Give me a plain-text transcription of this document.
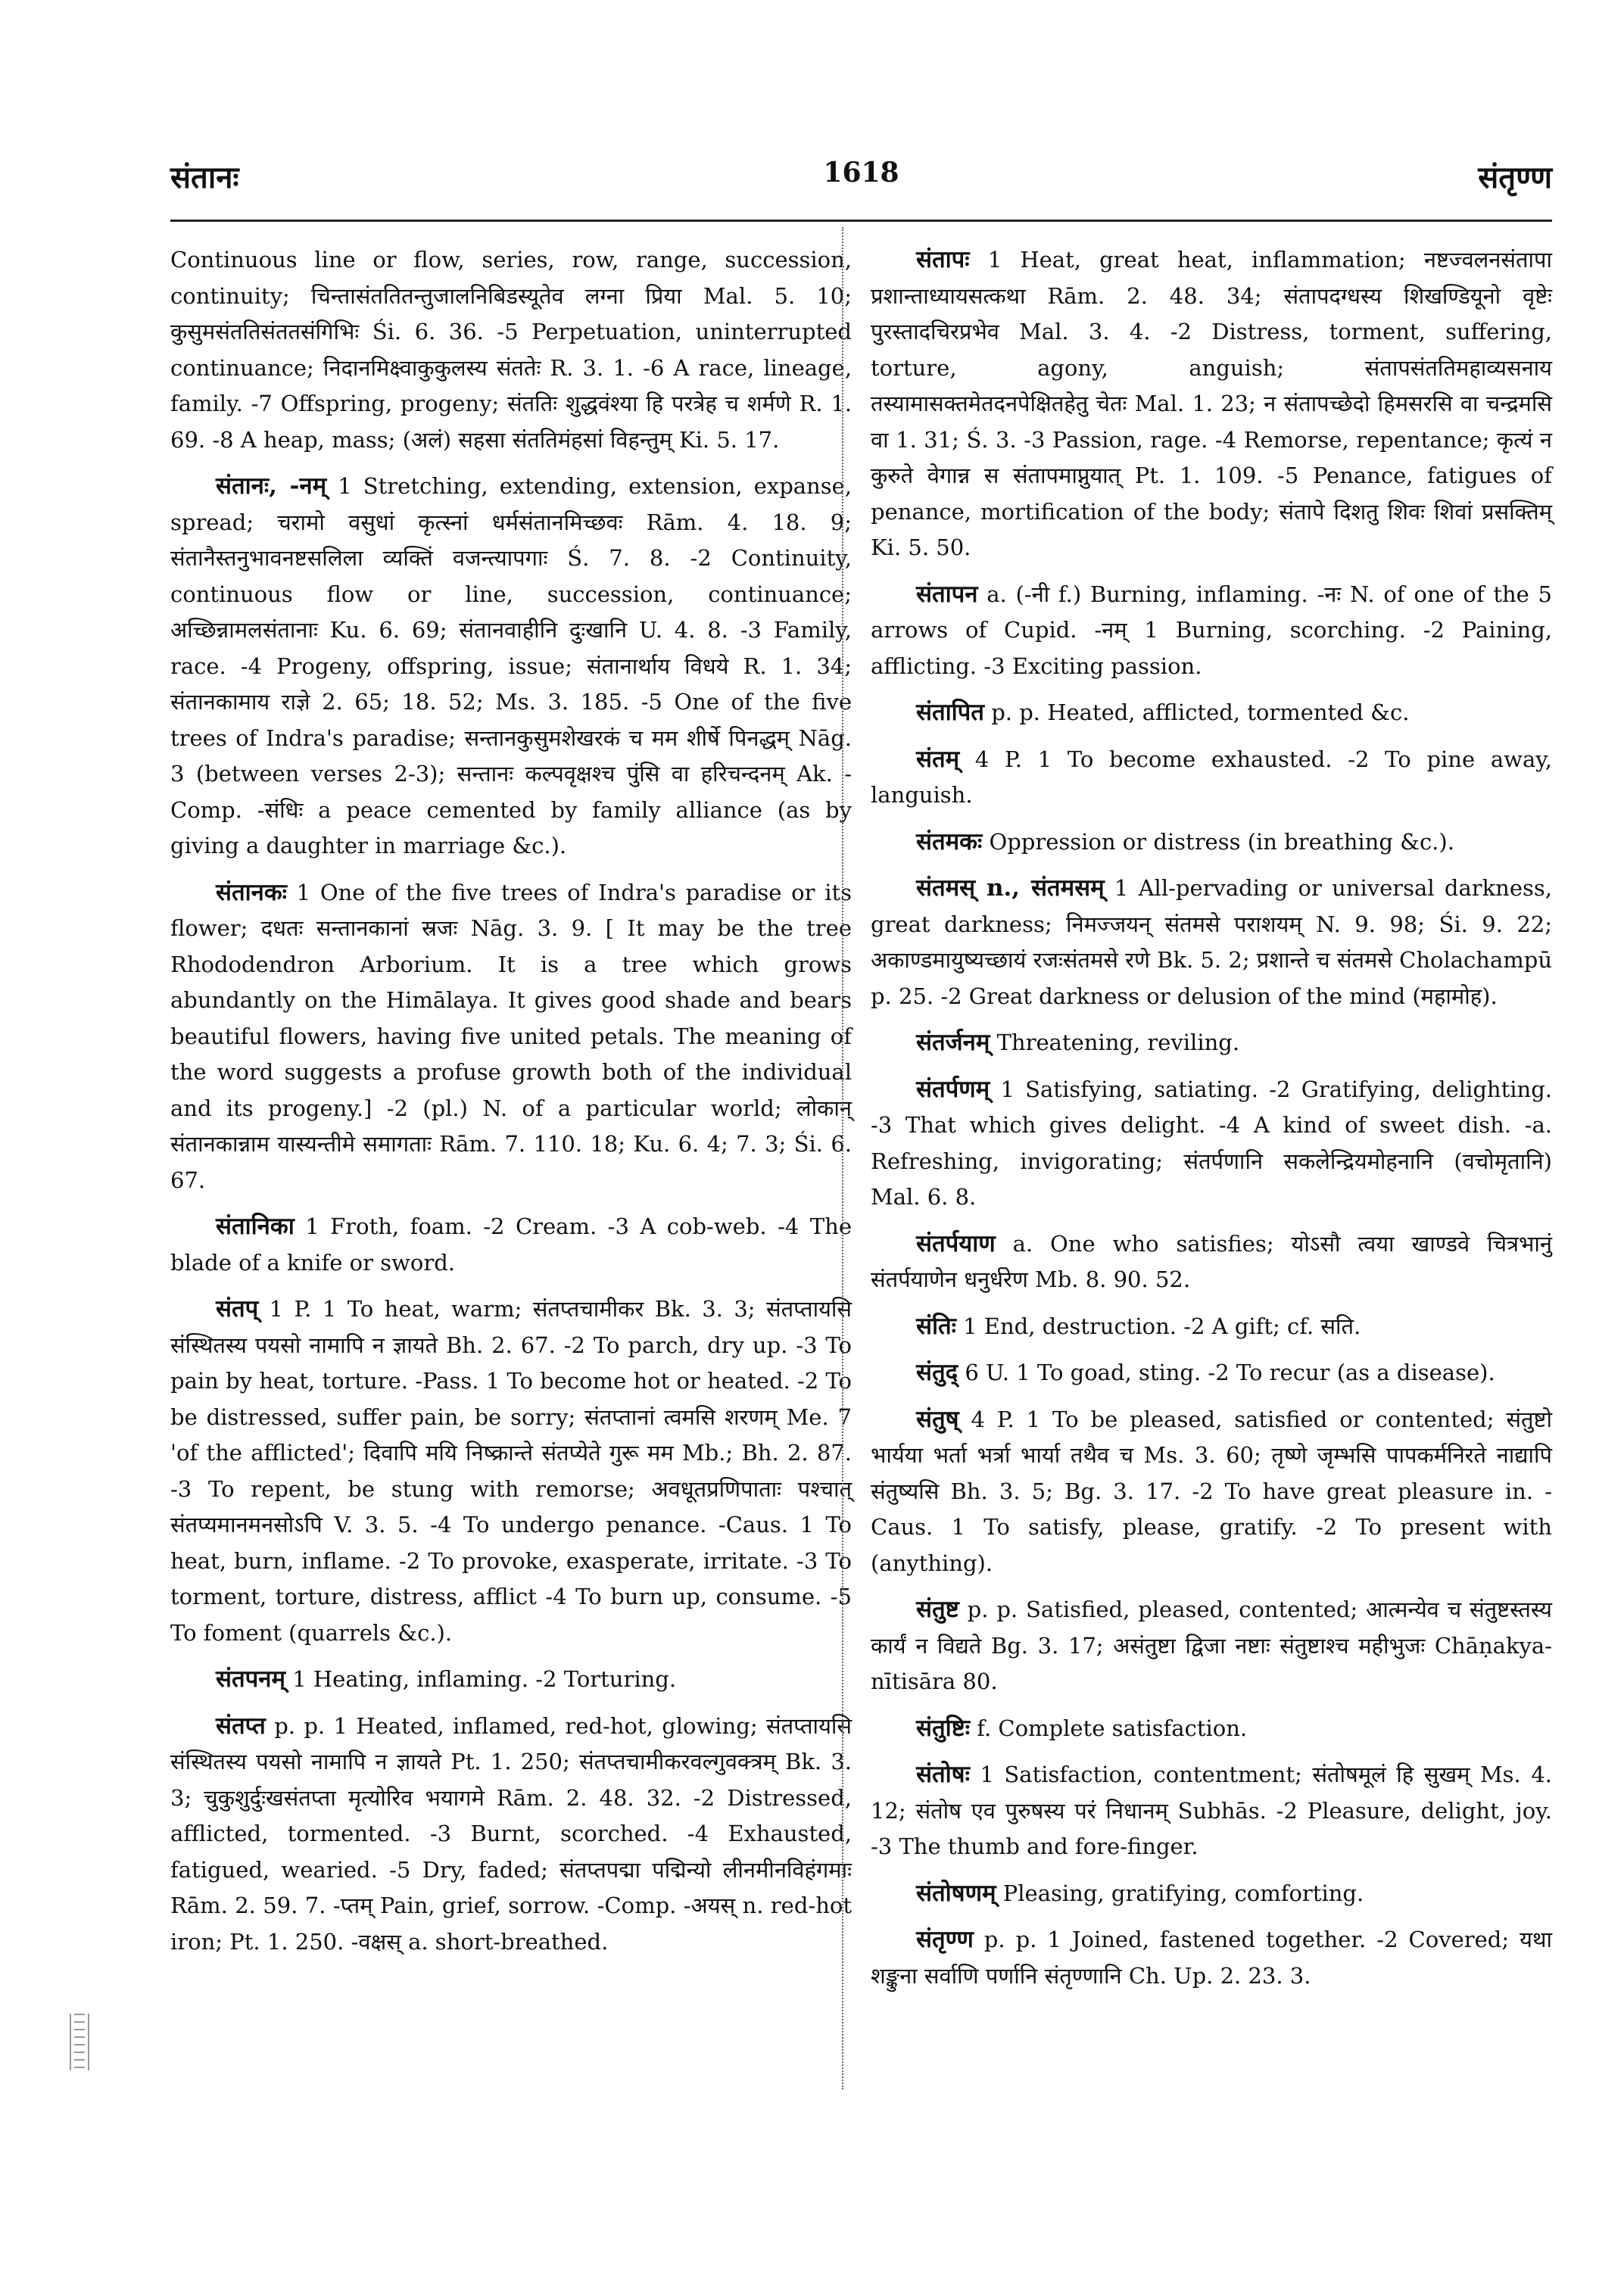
संतानः	1618	संतृण्ण

Continuous line or flow, series, row, range, succession, continuity; चिन्तासंततितन्तुजालनिबिडस्यूतेव लग्ना प्रिया Mal. 5. 10; कुसुमसंततिसंततसंगिभिः Śi. 6. 36. -5 Perpetuation, uninterrupted continuance; निदानमिक्ष्वाकुकुलस्य संततेः R. 3. 1. -6 A race, lineage, family. -7 Offspring, progeny; संततिः शुद्धवंश्या हि परत्रेह च शर्मणे R. 1. 69. -8 A heap, mass; (अलं) सहसा संततिमंहसां विहन्तुम् Ki. 5. 17.

संतानः, -नम् 1 Stretching, extending, extension, expanse, spread; चरामो वसुधां कृत्स्नां धर्मसंतानमिच्छवः Rām. 4. 18. 9; संतानैस्तनुभावनष्टसलिला व्यक्तिं वजन्त्यापगाः Ś. 7. 8. -2 Continuity, continuous flow or line, succession, continuance; अच्छिन्नामलसंतानाः Ku. 6. 69; संतानवाहीनि दुःखानि U. 4. 8. -3 Family, race. -4 Progeny, offspring, issue; संतानार्थाय विधये R. 1. 34; संतानकामाय राज्ञे 2. 65; 18. 52; Ms. 3. 185. -5 One of the five trees of Indra's paradise; सन्तानकुसुमशेखरकं च मम शीर्षे पिनद्धम् Nāg. 3 (between verses 2-3); सन्तानः कल्पवृक्षश्च पुंसि वा हरिचन्दनम् Ak. -Comp. -संधिः a peace cemented by family alliance (as by giving a daughter in marriage &c.).

संतानकः 1 One of the five trees of Indra's paradise or its flower; दधतः सन्तानकानां स्रजः Nāg. 3. 9. [ It may be the tree Rhododendron Arborium. It is a tree which grows abundantly on the Himālaya. It gives good shade and bears beautiful flowers, having five united petals. The meaning of the word suggests a profuse growth both of the individual and its progeny.] -2 (pl.) N. of a particular world; लोकान् संतानकान्नाम यास्यन्तीमे समागताः Rām. 7. 110. 18; Ku. 6. 4; 7. 3; Śi. 6. 67.

संतानिका 1 Froth, foam. -2 Cream. -3 A cob-web. -4 The blade of a knife or sword.

संतप् 1 P. 1 To heat, warm; संतप्तचामीकर Bk. 3. 3; संतप्तायसि संस्थितस्य पयसो नामापि न ज्ञायते Bh. 2. 67. -2 To parch, dry up. -3 To pain by heat, torture. -Pass. 1 To become hot or heated. -2 To be distressed, suffer pain, be sorry; संतप्तानां त्वमसि शरणम् Me. 7 'of the afflicted'; दिवापि मयि निष्क्रान्ते संतप्येते गुरू मम Mb.; Bh. 2. 87. -3 To repent, be stung with remorse; अवधूतप्रणिपाताः पश्चात् संतप्यमानमनसोऽपि V. 3. 5. -4 To undergo penance. -Caus. 1 To heat, burn, inflame. -2 To provoke, exasperate, irritate. -3 To torment, torture, distress, afflict -4 To burn up, consume. -5 To foment (quarrels &c.).

संतपनम् 1 Heating, inflaming. -2 Torturing.

संतप्त p. p. 1 Heated, inflamed, red-hot, glowing; संतप्तायसि संस्थितस्य पयसो नामापि न ज्ञायते Pt. 1. 250; संतप्तचामीकरवल्गुवक्त्रम् Bk. 3. 3; चुकुशुर्दुःखसंतप्ता मृत्योरिव भयागमे Rām. 2. 48. 32. -2 Distressed, afflicted, tormented. -3 Burnt, scorched. -4 Exhausted, fatigued, wearied. -5 Dry, faded; संतप्तपद्मा पद्मिन्यो लीनमीनविहंगमाः Rām. 2. 59. 7. -प्तम् Pain, grief, sorrow. -Comp. -अयस् n. red-hot iron; Pt. 1. 250. -वक्षस् a. short-breathed.

संतापः 1 Heat, great heat, inflammation; नष्टज्वलनसंतापा प्रशान्ताध्यायसत्कथा Rām. 2. 48. 34; संतापदग्धस्य शिखण्डियूनो वृष्टेः पुरस्तादचिरप्रभेव Mal. 3. 4. -2 Distress, torment, suffering, torture, agony, anguish; संतापसंततिमहाव्यसनाय तस्यामासक्तमेतदनपेक्षितहेतु चेतः Mal. 1. 23; न संतापच्छेदो हिमसरसि वा चन्द्रमसि वा 1. 31; Ś. 3. -3 Passion, rage. -4 Remorse, repentance; कृत्यं न कुरुते वेगान्न स संतापमाप्नुयात् Pt. 1. 109. -5 Penance, fatigues of penance, mortification of the body; संतापे दिशतु शिवः शिवां प्रसक्तिम् Ki. 5. 50.

संतापन a. (-नी f.) Burning, inflaming. -नः N. of one of the 5 arrows of Cupid. -नम् 1 Burning, scorching. -2 Paining, afflicting. -3 Exciting passion.

संतापित p. p. Heated, afflicted, tormented &c.

संतम् 4 P. 1 To become exhausted. -2 To pine away, languish.

संतमकः Oppression or distress (in breathing &c.).

संतमस् n., संतमसम् 1 All-pervading or universal darkness, great darkness; निमज्जयन् संतमसे पराशयम् N. 9. 98; Śi. 9. 22; अकाण्डमायुष्यच्छायं रजःसंतमसे रणे Bk. 5. 2; प्रशान्ते च संतमसे Cholachampū p. 25. -2 Great darkness or delusion of the mind (महामोह).

संतर्जनम् Threatening, reviling.

संतर्पणम् 1 Satisfying, satiating. -2 Gratifying, delighting. -3 That which gives delight. -4 A kind of sweet dish. -a. Refreshing, invigorating; संतर्पणानि सकलेन्द्रियमोहनानि (वचोमृतानि) Mal. 6. 8.

संतर्पयाण a. One who satisfies; योऽसौ त्वया खाण्डवे चित्रभानुं संतर्पयाणेन धनुर्धरेण Mb. 8. 90. 52.

संतिः 1 End, destruction. -2 A gift; cf. सति.

संतुद् 6 U. 1 To goad, sting. -2 To recur (as a disease).

संतुष् 4 P. 1 To be pleased, satisfied or contented; संतुष्टो भार्यया भर्ता भर्त्रा भार्या तथैव च Ms. 3. 60; तृष्णे जृम्भसि पापकर्मनिरते नाद्यापि संतुष्यसि Bh. 3. 5; Bg. 3. 17. -2 To have great pleasure in. -Caus. 1 To satisfy, please, gratify. -2 To present with (anything).

संतुष्ट p. p. Satisfied, pleased, contented; आत्मन्येव च संतुष्टस्तस्य कार्यं न विद्यते Bg. 3. 17; असंतुष्टा द्विजा नष्टाः संतुष्टाश्च महीभुजः Chāṇakya-nītisāra 80.

संतुष्टिः f. Complete satisfaction.

संतोषः 1 Satisfaction, contentment; संतोषमूलं हि सुखम् Ms. 4. 12; संतोष एव पुरुषस्य परं निधानम् Subhās. -2 Pleasure, delight, joy. -3 The thumb and fore-finger.

संतोषणम् Pleasing, gratifying, comforting.

संतृण्ण p. p. 1 Joined, fastened together. -2 Covered; यथा शङ्कुना सर्वाणि पर्णानि संतृण्णानि Ch. Up. 2. 23. 3.
